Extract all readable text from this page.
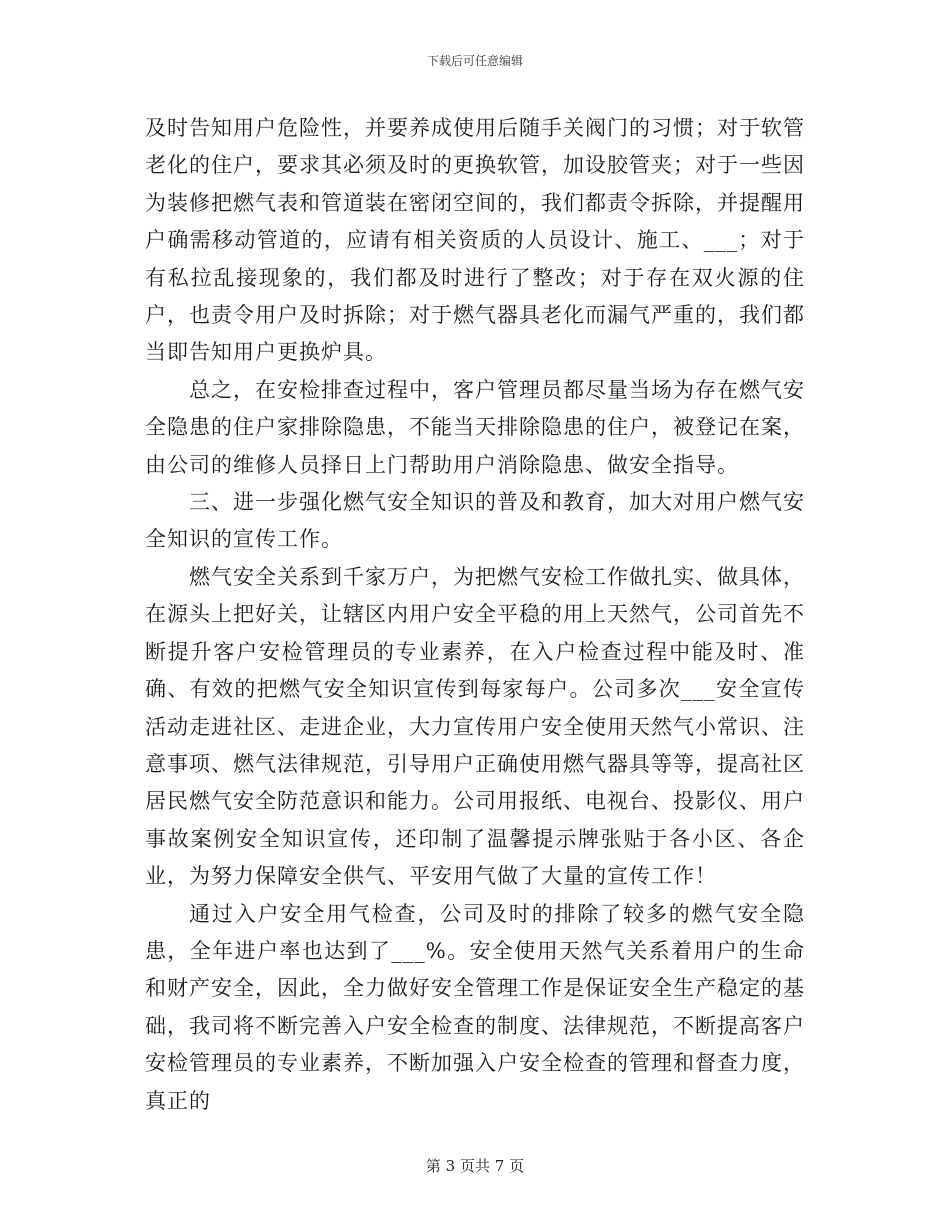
下载后可任意编辑

及时告知用户危险性，并要养成使用后随手关阀门的习惯；对于软管老化的住户，要求其必须及时的更换软管，加设胶管夹；对于一些因为装修把燃气表和管道装在密闭空间的，我们都责令拆除，并提醒用户确需移动管道的，应请有相关资质的人员设计、施工、___；对于有私拉乱接现象的，我们都及时进行了整改；对于存在双火源的住户，也责令用户及时拆除；对于燃气器具老化而漏气严重的，我们都当即告知用户更换炉具。

总之，在安检排查过程中，客户管理员都尽量当场为存在燃气安全隐患的住户家排除隐患，不能当天排除隐患的住户，被登记在案，由公司的维修人员择日上门帮助用户消除隐患、做安全指导。

三、进一步强化燃气安全知识的普及和教育，加大对用户燃气安全知识的宣传工作。

燃气安全关系到千家万户，为把燃气安检工作做扎实、做具体，在源头上把好关，让辖区内用户安全平稳的用上天然气，公司首先不断提升客户安检管理员的专业素养，在入户检查过程中能及时、准确、有效的把燃气安全知识宣传到每家每户。公司多次___安全宣传活动走进社区、走进企业，大力宣传用户安全使用天然气小常识、注意事项、燃气法律规范，引导用户正确使用燃气器具等等，提高社区居民燃气安全防范意识和能力。公司用报纸、电视台、投影仪、用户事故案例安全知识宣传，还印制了温馨提示牌张贴于各小区、各企业，为努力保障安全供气、平安用气做了大量的宣传工作！

通过入户安全用气检查，公司及时的排除了较多的燃气安全隐患，全年进户率也达到了___%。安全使用天然气关系着用户的生命和财产安全，因此，全力做好安全管理工作是保证安全生产稳定的基础，我司将不断完善入户安全检查的制度、法律规范，不断提高客户安检管理员的专业素养，不断加强入户安全检查的管理和督查力度，真正的

第 3 页共 7 页
